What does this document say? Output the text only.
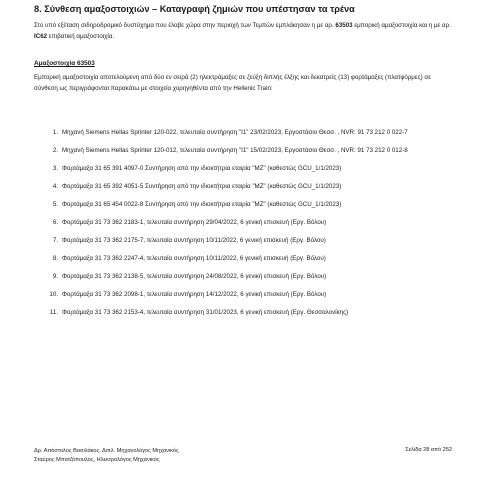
8. Σύνθεση αμαξοστοιχιών – Καταγραφή ζημιών που υπέστησαν τα τρένα
Στο υπό εξέταση σιδηροδρομικό δυστύχημα που έλαβε χώρα στην περιοχή των Τεμπών εμπλάκησαν η με αρ. 63503 εμπορική αμαξοστοιχία και η με αρ. IC62 επιβατική αμαξοστοιχία.
Αμαξοστοιχία 63503
Εμπορική αμαξοστοιχία αποτελούμενη από δύο εν σειρά (2) ηλεκτράμαξες σε ζεύξη διπλής έλξης και δεκατρείς (13) φορτάμαξες (πλατφόρμες) σε σύνθεση ως περιγράφονται παρακάτω με στοιχεία χορηγηθέντα από την Hellenic Train:
1. Μηχανή Siemens Hellas Sprinter 120-022, τελευταία συντήρηση "Ι1" 23/02/2023, Εργοστάσιο Θεσσ. , NVR: 91 73 212 0 022-7
2. Μηχανή Siemens Hellas Sprinter 120-012, τελευταία συντήρηση "Ι1" 15/02/2023, Εργοστάσιο Θεσσ. , NVR: 91 73 212 0 012-8
3. Φορτάμαξα 31 65 391 4097-0 Συντήρηση από την ιδιοκτήτρια εταιρία "ΜΖ" (καθεστώς GCU_1/1/2023)
4. Φορτάμαξα 31 65 392 4051-5 Συντήρηση από την ιδιοκτήτρια εταιρία "ΜΖ" (καθεστώς GCU_1/1/2023)
5. Φορτάμαξα 31 65 454 0022-8 Συντήρηση από την ιδιοκτήτρια εταιρία "ΜΖ" (καθεστώς GCU_1/1/2023)
6. Φορτάμαξα 31 73 362 2183-1, τελευταία συντήρηση 29/04/2022, 6 γενική επισκευή (Εργ. Βόλου)
7. Φορτάμαξα 31 73 362 2175-7, τελευταία συντήρηση 10/11/2022, 6 γενική επισκευή (Εργ. Βόλου)
8. Φορτάμαξα 31 73 362 2247-4, τελευταία συντήρηση 10/11/2022, 6 γενική επισκευή (Εργ. Βόλου)
9. Φορτάμαξα 31 73 362 2138-5, τελευταία συντήρηση 24/08/2022, 6 γενική επισκευή (Εργ. Βόλου)
10. Φορτάμαξα 31 73 362 2098-1, τελευταία συντήρηση 14/12/2022, 6 γενική επισκευή (Εργ. Βόλου)
11. Φορτάμαξα 31 73 362 2153-4, τελευταία συντήρηση 31/01/2023, 6 γενική επισκευή (Εργ. Θεσσαλονίκης)
Δρ. Απόστολος Βασιλάκος, Διπλ. Μηχανολόγος Μηχανικός
Σταύρος Μπατζόπουλος, Ηλεκτρολόγος Μηχανικός
Σελίδα 28 από 252
